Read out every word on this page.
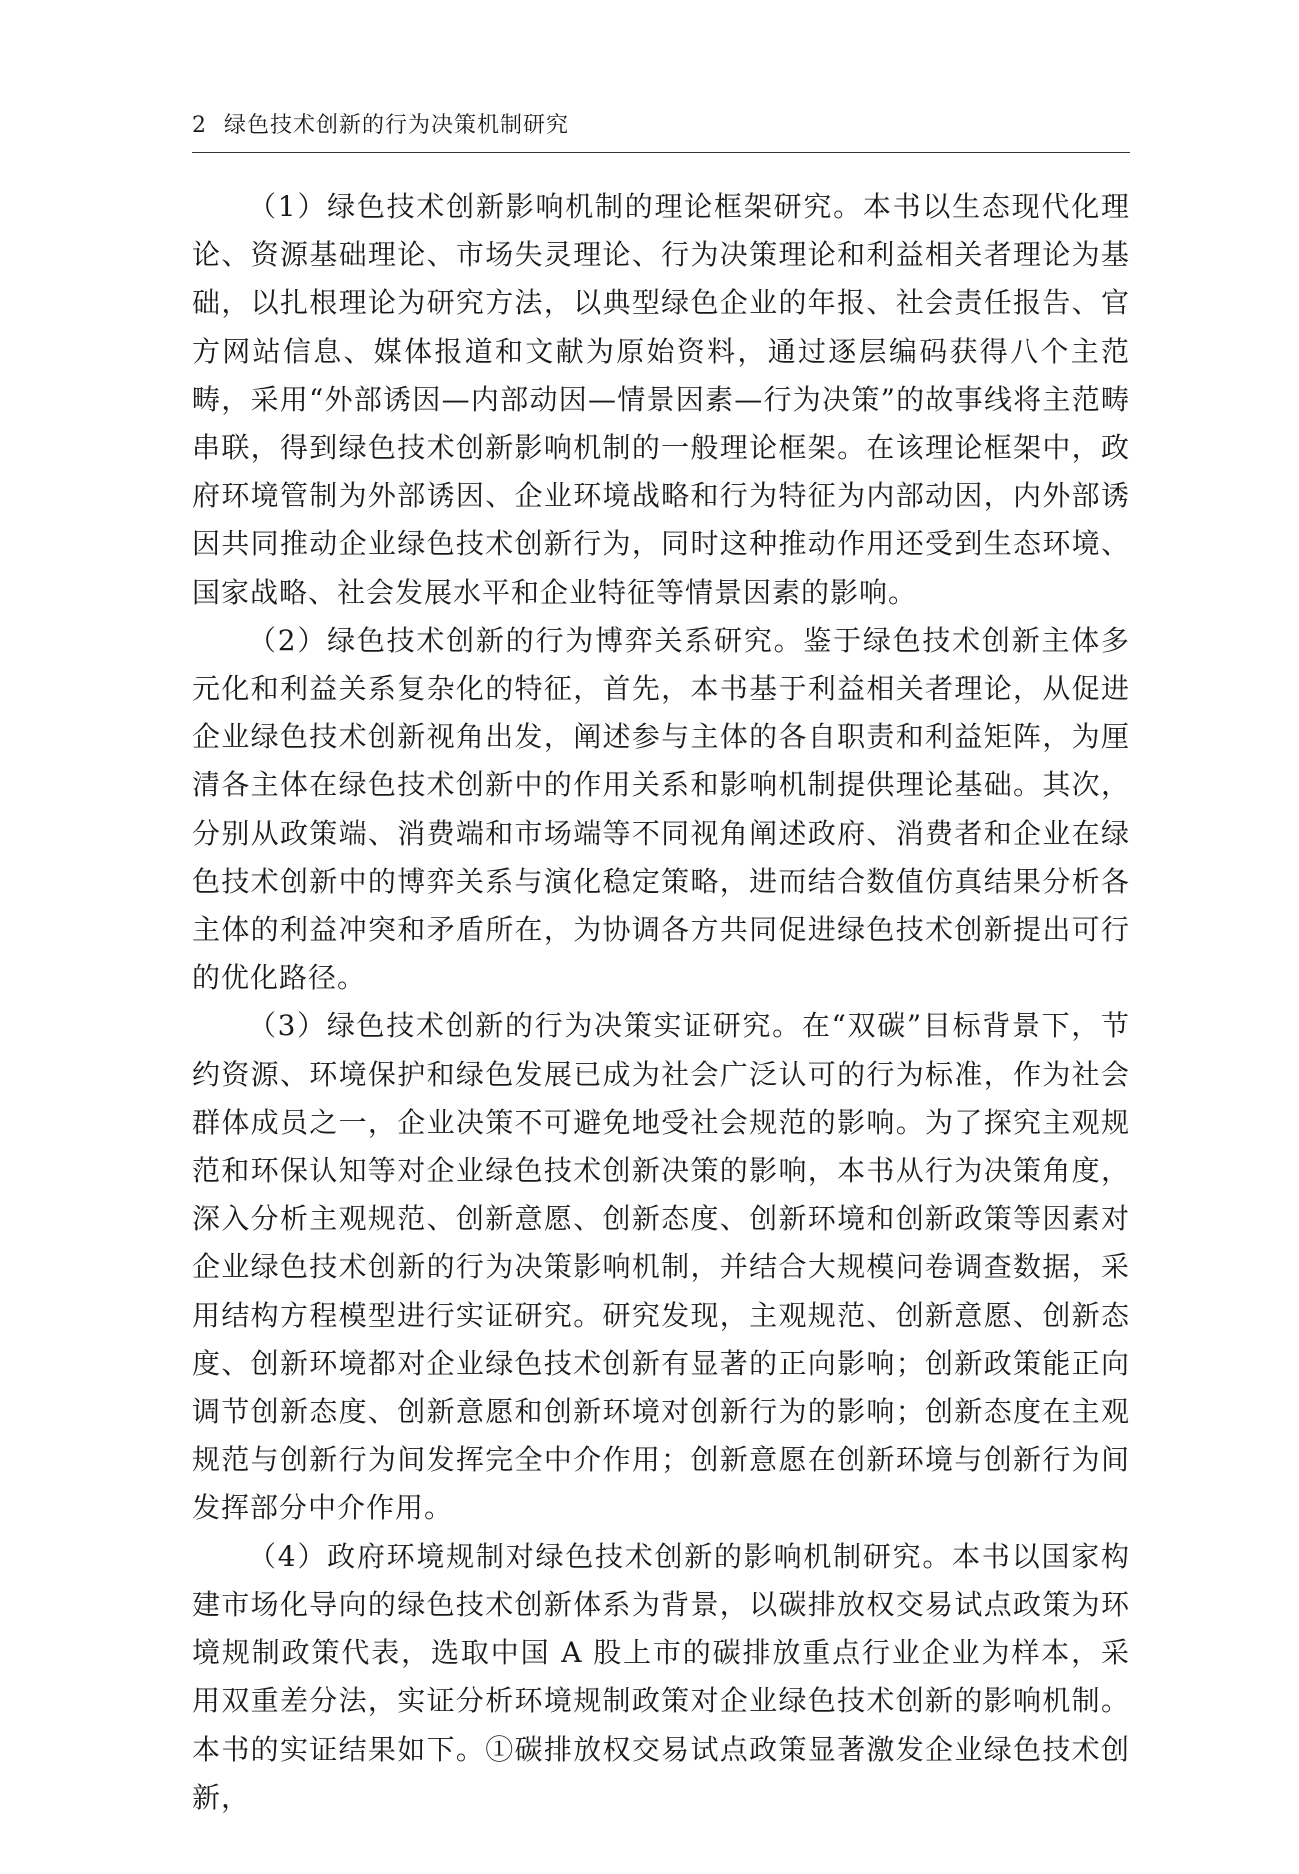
2 绿色技术创新的行为决策机制研究

（1）绿色技术创新影响机制的理论框架研究。本书以生态现代化理论、资源基础理论、市场失灵理论、行为决策理论和利益相关者理论为基础，以扎根理论为研究方法，以典型绿色企业的年报、社会责任报告、官方网站信息、媒体报道和文献为原始资料，通过逐层编码获得八个主范畴，采用“外部诱因—内部动因—情景因素—行为决策”的故事线将主范畴串联，得到绿色技术创新影响机制的一般理论框架。在该理论框架中，政府环境管制为外部诱因、企业环境战略和行为特征为内部动因，内外部诱因共同推动企业绿色技术创新行为，同时这种推动作用还受到生态环境、国家战略、社会发展水平和企业特征等情景因素的影响。

（2）绿色技术创新的行为博弈关系研究。鉴于绿色技术创新主体多元化和利益关系复杂化的特征，首先，本书基于利益相关者理论，从促进企业绿色技术创新视角出发，阐述参与主体的各自职责和利益矩阵，为厘清各主体在绿色技术创新中的作用关系和影响机制提供理论基础。其次，分别从政策端、消费端和市场端等不同视角阐述政府、消费者和企业在绿色技术创新中的博弈关系与演化稳定策略，进而结合数值仿真结果分析各主体的利益冲突和矛盾所在，为协调各方共同促进绿色技术创新提出可行的优化路径。

（3）绿色技术创新的行为决策实证研究。在“双碳”目标背景下，节约资源、环境保护和绿色发展已成为社会广泛认可的行为标准，作为社会群体成员之一，企业决策不可避免地受社会规范的影响。为了探究主观规范和环保认知等对企业绿色技术创新决策的影响，本书从行为决策角度，深入分析主观规范、创新意愿、创新态度、创新环境和创新政策等因素对企业绿色技术创新的行为决策影响机制，并结合大规模问卷调查数据，采用结构方程模型进行实证研究。研究发现，主观规范、创新意愿、创新态度、创新环境都对企业绿色技术创新有显著的正向影响；创新政策能正向调节创新态度、创新意愿和创新环境对创新行为的影响；创新态度在主观规范与创新行为间发挥完全中介作用；创新意愿在创新环境与创新行为间发挥部分中介作用。

（4）政府环境规制对绿色技术创新的影响机制研究。本书以国家构建市场化导向的绿色技术创新体系为背景，以碳排放权交易试点政策为环境规制政策代表，选取中国 A 股上市的碳排放重点行业企业为样本，采用双重差分法，实证分析环境规制政策对企业绿色技术创新的影响机制。本书的实证结果如下。①碳排放权交易试点政策显著激发企业绿色技术创新，
